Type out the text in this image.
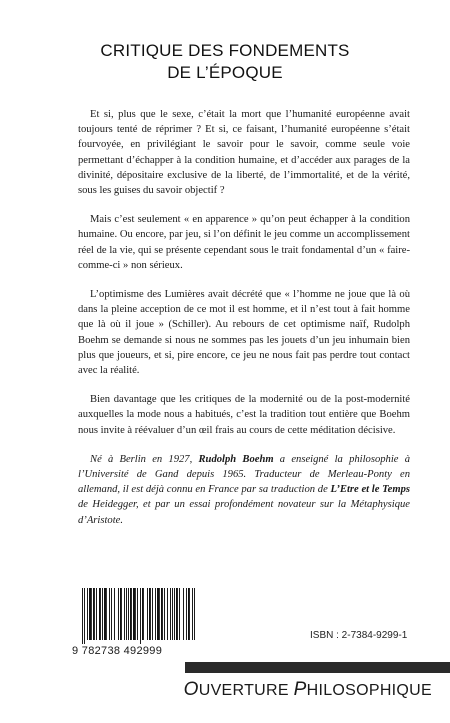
CRITIQUE DES FONDEMENTS
DE L’ÉPOQUE

Et si, plus que le sexe, c’était la mort que l’humanité européenne avait toujours tenté de réprimer ? Et si, ce faisant, l’humanité européenne s’était fourvoyée, en privilégiant le savoir pour le savoir, comme seule voie permettant d’échapper à la condition humaine, et d’accéder aux parages de la divinité, dépositaire exclusive de la liberté, de l’immortalité, et de la vérité, sous les guises du savoir objectif ?

Mais c’est seulement « en apparence » qu’on peut échapper à la condition humaine. Ou encore, par jeu, si l’on définit le jeu comme un accomplissement réel de la vie, qui se présente cependant sous le trait fondamental d’un « faire-comme-ci » non sérieux.

L’optimisme des Lumières avait décrété que « l’homme ne joue que là où dans la pleine acception de ce mot il est homme, et il n’est tout à fait homme que là où il joue » (Schiller). Au rebours de cet optimisme naïf, Rudolph Boehm se demande si nous ne sommes pas les jouets d’un jeu inhumain bien plus que joueurs, et si, pire encore, ce jeu ne nous fait pas perdre tout contact avec la réalité.

Bien davantage que les critiques de la modernité ou de la post-modernité auxquelles la mode nous a habitués, c’est la tradition tout entière que Boehm nous invite à réévaluer d’un œil frais au cours de cette méditation décisive.

Né à Berlin en 1927, Rudolph Boehm a enseigné la philosophie à l’Université de Gand depuis 1965. Traducteur de Merleau-Ponty en allemand, il est déjà connu en France par sa traduction de L’Etre et le Temps de Heidegger, et par un essai profondément novateur sur la Métaphysique d’Aristote.

9 782738 492999
ISBN : 2-7384-9299-1
OUVERTURE PHILOSOPHIQUE
